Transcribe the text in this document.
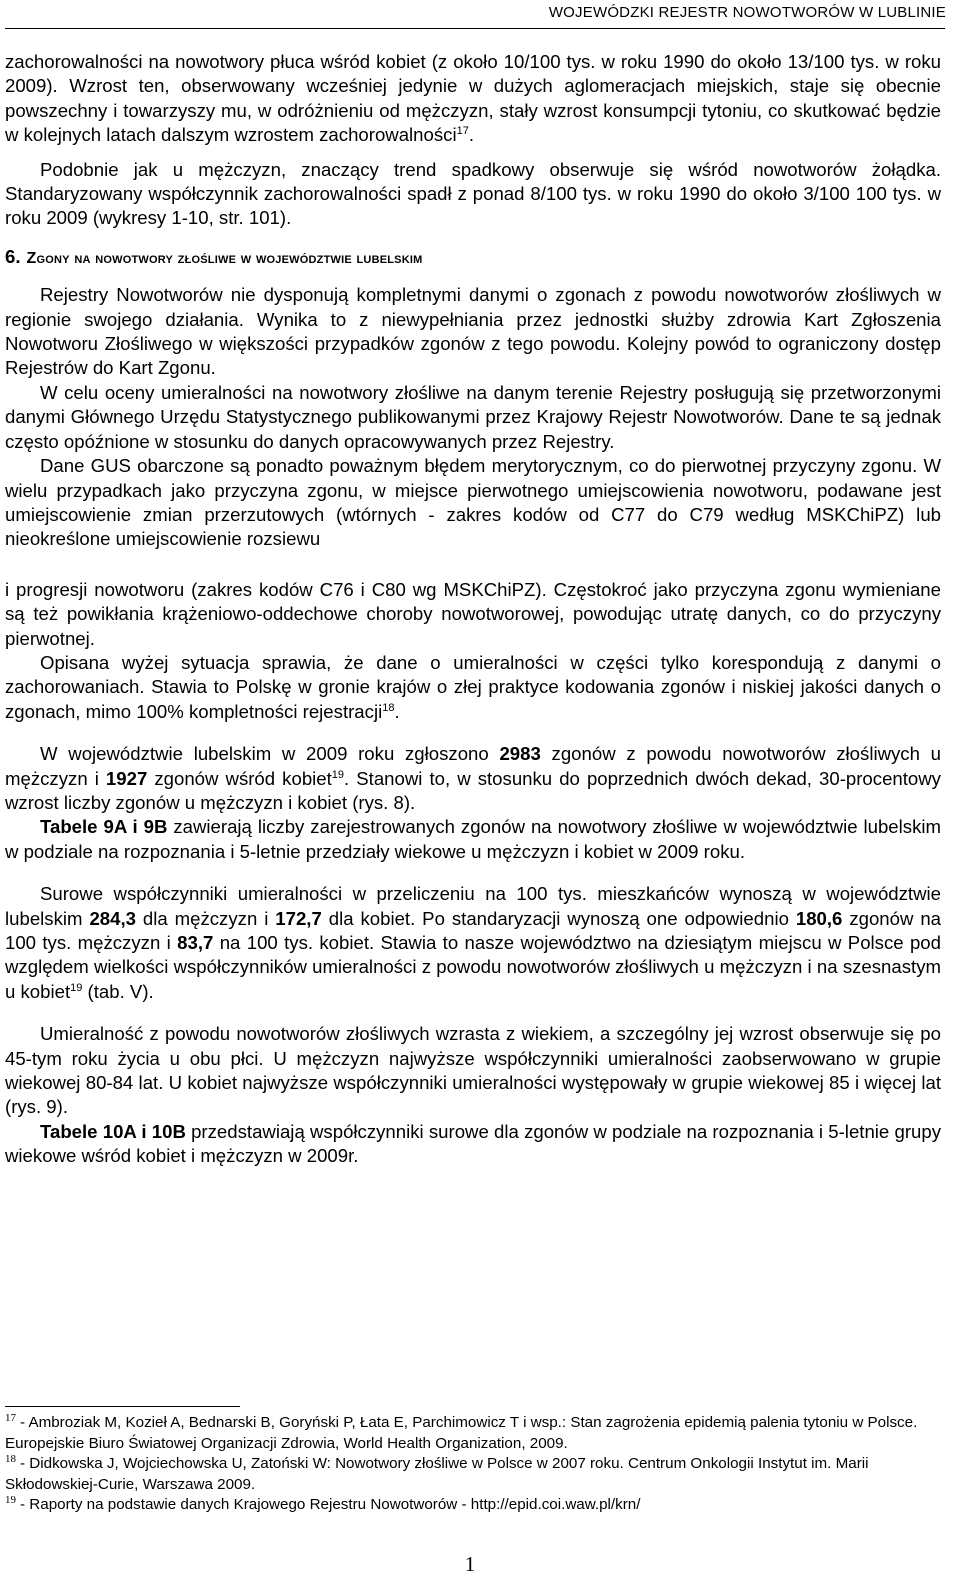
WOJEWÓDZKI REJESTR NOWOTWORÓW W LUBLINIE

zachorowalności na nowotwory płuca wśród kobiet (z około 10/100 tys. w roku 1990 do około 13/100 tys. w roku 2009). Wzrost ten, obserwowany wcześniej jedynie w dużych aglomeracjach miejskich, staje się obecnie powszechny i towarzyszy mu, w odróżnieniu od mężczyzn, stały wzrost konsumpcji tytoniu, co skutkować będzie w kolejnych latach dalszym wzrostem zachorowalności$^{17}$.

Podobnie jak u mężczyzn, znaczący trend spadkowy obserwuje się wśród nowotworów żołądka. Standaryzowany współczynnik zachorowalności spadł z ponad 8/100 tys. w roku 1990 do około 3/100 100 tys. w roku 2009 (wykresy 1-10, str. 101).

6. Zgony na nowotwory złośliwe w województwie lubelskim

Rejestry Nowotworów nie dysponują kompletnymi danymi o zgonach z powodu nowotworów złośliwych w regionie swojego działania. Wynika to z niewypełniania przez jednostki służby zdrowia Kart Zgłoszenia Nowotworu Złośliwego w większości przypadków zgonów z tego powodu. Kolejny powód to ograniczony dostęp Rejestrów do Kart Zgonu.

W celu oceny umieralności na nowotwory złośliwe na danym terenie Rejestry posługują się przetworzonymi danymi Głównego Urzędu Statystycznego publikowanymi przez Krajowy Rejestr Nowotworów. Dane te są jednak często opóźnione w stosunku do danych opracowywanych przez Rejestry.

Dane GUS obarczone są ponadto poważnym błędem merytorycznym, co do pierwotnej przyczyny zgonu. W wielu przypadkach jako przyczyna zgonu, w miejsce pierwotnego umiejscowienia nowotworu, podawane jest umiejscowienie zmian przerzutowych (wtórnych - zakres kodów od C77 do C79 według MSKChiPZ) lub nieokreślone umiejscowienie rozsiewu

i progresji nowotworu (zakres kodów C76 i C80 wg MSKChiPZ). Częstokroć jako przyczyna zgonu wymieniane są też powikłania krążeniowo-oddechowe choroby nowotworowej, powodując utratę danych, co do przyczyny pierwotnej.

Opisana wyżej sytuacja sprawia, że dane o umieralności w części tylko korespondują z danymi o zachorowaniach. Stawia to Polskę w gronie krajów o złej praktyce kodowania zgonów i niskiej jakości danych o zgonach, mimo 100% kompletności rejestracji$^{18}$.

W województwie lubelskim w 2009 roku zgłoszono 2983 zgonów z powodu nowotworów złośliwych u mężczyzn i 1927 zgonów wśród kobiet$^{19}$. Stanowi to, w stosunku do poprzednich dwóch dekad, 30-procentowy wzrost liczby zgonów u mężczyzn i kobiet (rys. 8).

Tabele 9A i 9B zawierają liczby zarejestrowanych zgonów na nowotwory złośliwe w województwie lubelskim w podziale na rozpoznania i 5-letnie przedziały wiekowe u mężczyzn i kobiet w 2009 roku.

Surowe współczynniki umieralności w przeliczeniu na 100 tys. mieszkańców wynoszą w województwie lubelskim 284,3 dla mężczyzn i 172,7 dla kobiet. Po standaryzacji wynoszą one odpowiednio 180,6 zgonów na 100 tys. mężczyzn i 83,7 na 100 tys. kobiet. Stawia to nasze województwo na dziesiątym miejscu w Polsce pod względem wielkości współczynników umieralności z powodu nowotworów złośliwych u mężczyzn i na szesnastym u kobiet$^{19}$ (tab. V).

Umieralność z powodu nowotworów złośliwych wzrasta z wiekiem, a szczególny jej wzrost obserwuje się po 45-tym roku życia u obu płci. U mężczyzn najwyższe współczynniki umieralności zaobserwowano w grupie wiekowej 80-84 lat. U kobiet najwyższe współczynniki umieralności występowały w grupie wiekowej 85 i więcej lat (rys. 9).

Tabele 10A i 10B przedstawiają współczynniki surowe dla zgonów w podziale na rozpoznania i 5-letnie grupy wiekowe wśród kobiet i mężczyzn w 2009r.

$^{17}$ - Ambroziak M, Kozieł A, Bednarski B, Goryński P, Łata E, Parchimowicz T i wsp.: Stan zagrożenia epidemią palenia tytoniu w Polsce. Europejskie Biuro Światowej Organizacji Zdrowia, World Health Organization, 2009.

$^{18}$ - Didkowska J, Wojciechowska U, Zatoński W: Nowotwory złośliwe w Polsce w 2007 roku. Centrum Onkologii Instytut im. Marii Skłodowskiej-Curie, Warszawa 2009.

$^{19}$ - Raporty na podstawie danych Krajowego Rejestru Nowotworów - http://epid.coi.waw.pl/krn/

1
